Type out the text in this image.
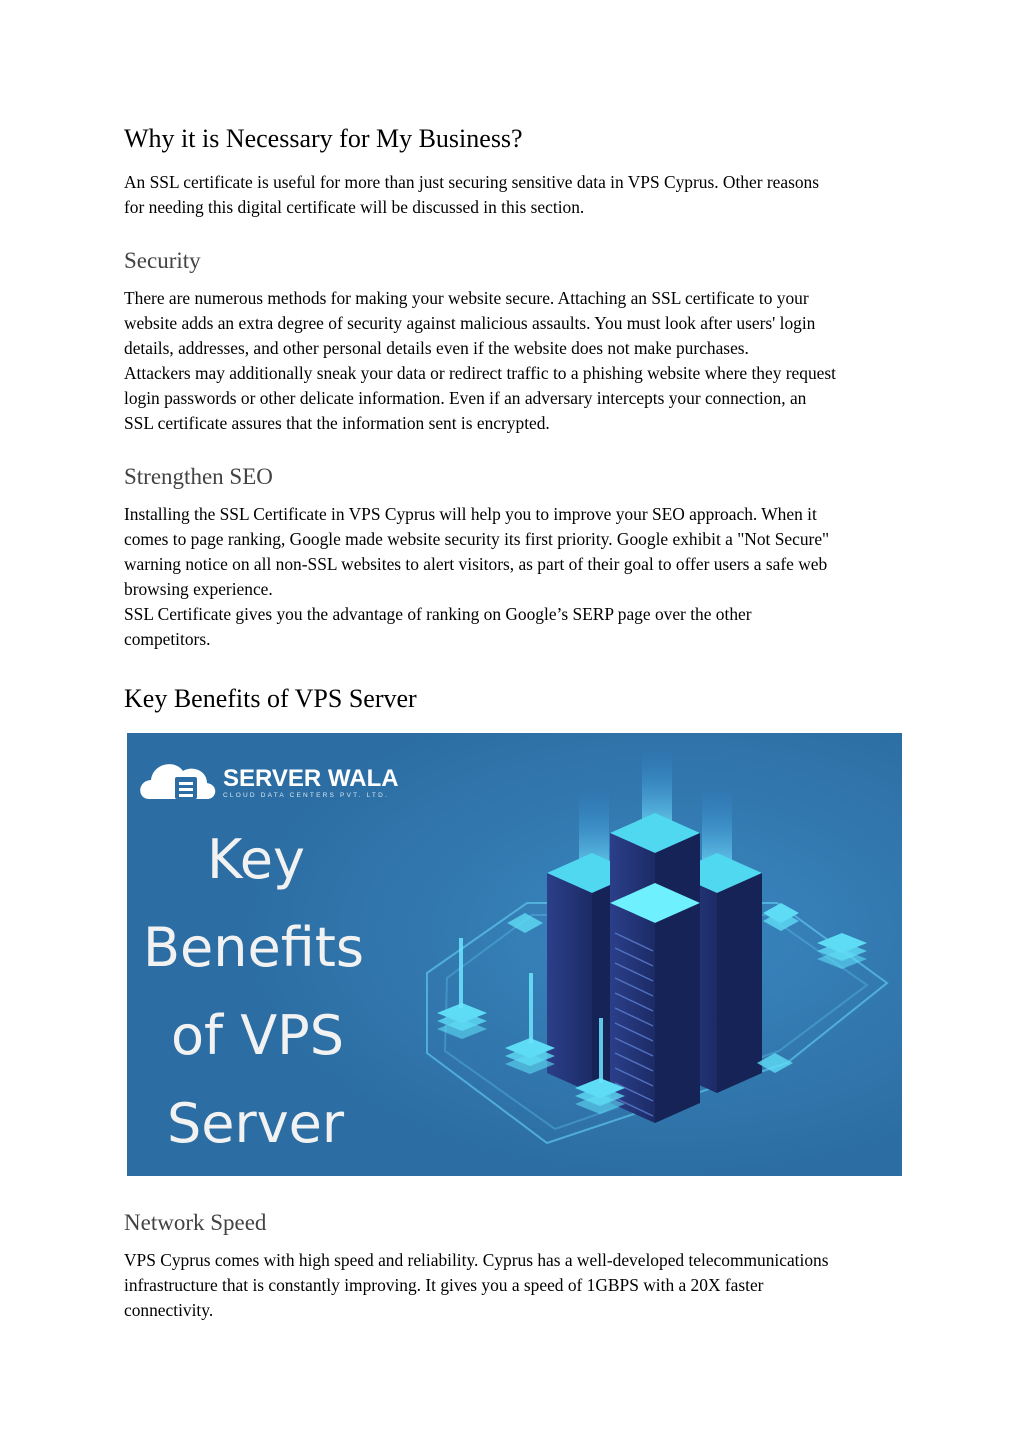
Why it is Necessary for My Business?

An SSL certificate is useful for more than just securing sensitive data in VPS Cyprus. Other reasons
for needing this digital certificate will be discussed in this section.

Security

There are numerous methods for making your website secure. Attaching an SSL certificate to your
website adds an extra degree of security against malicious assaults. You must look after users' login
details, addresses, and other personal details even if the website does not make purchases.
Attackers may additionally sneak your data or redirect traffic to a phishing website where they request
login passwords or other delicate information. Even if an adversary intercepts your connection, an
SSL certificate assures that the information sent is encrypted.

Strengthen SEO

Installing the SSL Certificate in VPS Cyprus will help you to improve your SEO approach. When it
comes to page ranking, Google made website security its first priority. Google exhibit a "Not Secure"
warning notice on all non-SSL websites to alert visitors, as part of their goal to offer users a safe web
browsing experience.
SSL Certificate gives you the advantage of ranking on Google’s SERP page over the other
competitors.

Key Benefits of VPS Server
SERVER WALA
CLOUD DATA CENTERS PVT. LTD.
Key
Benefits
of VPS
Server
Network Speed

VPS Cyprus comes with high speed and reliability. Cyprus has a well-developed telecommunications
infrastructure that is constantly improving. It gives you a speed of 1GBPS with a 20X faster
connectivity.
